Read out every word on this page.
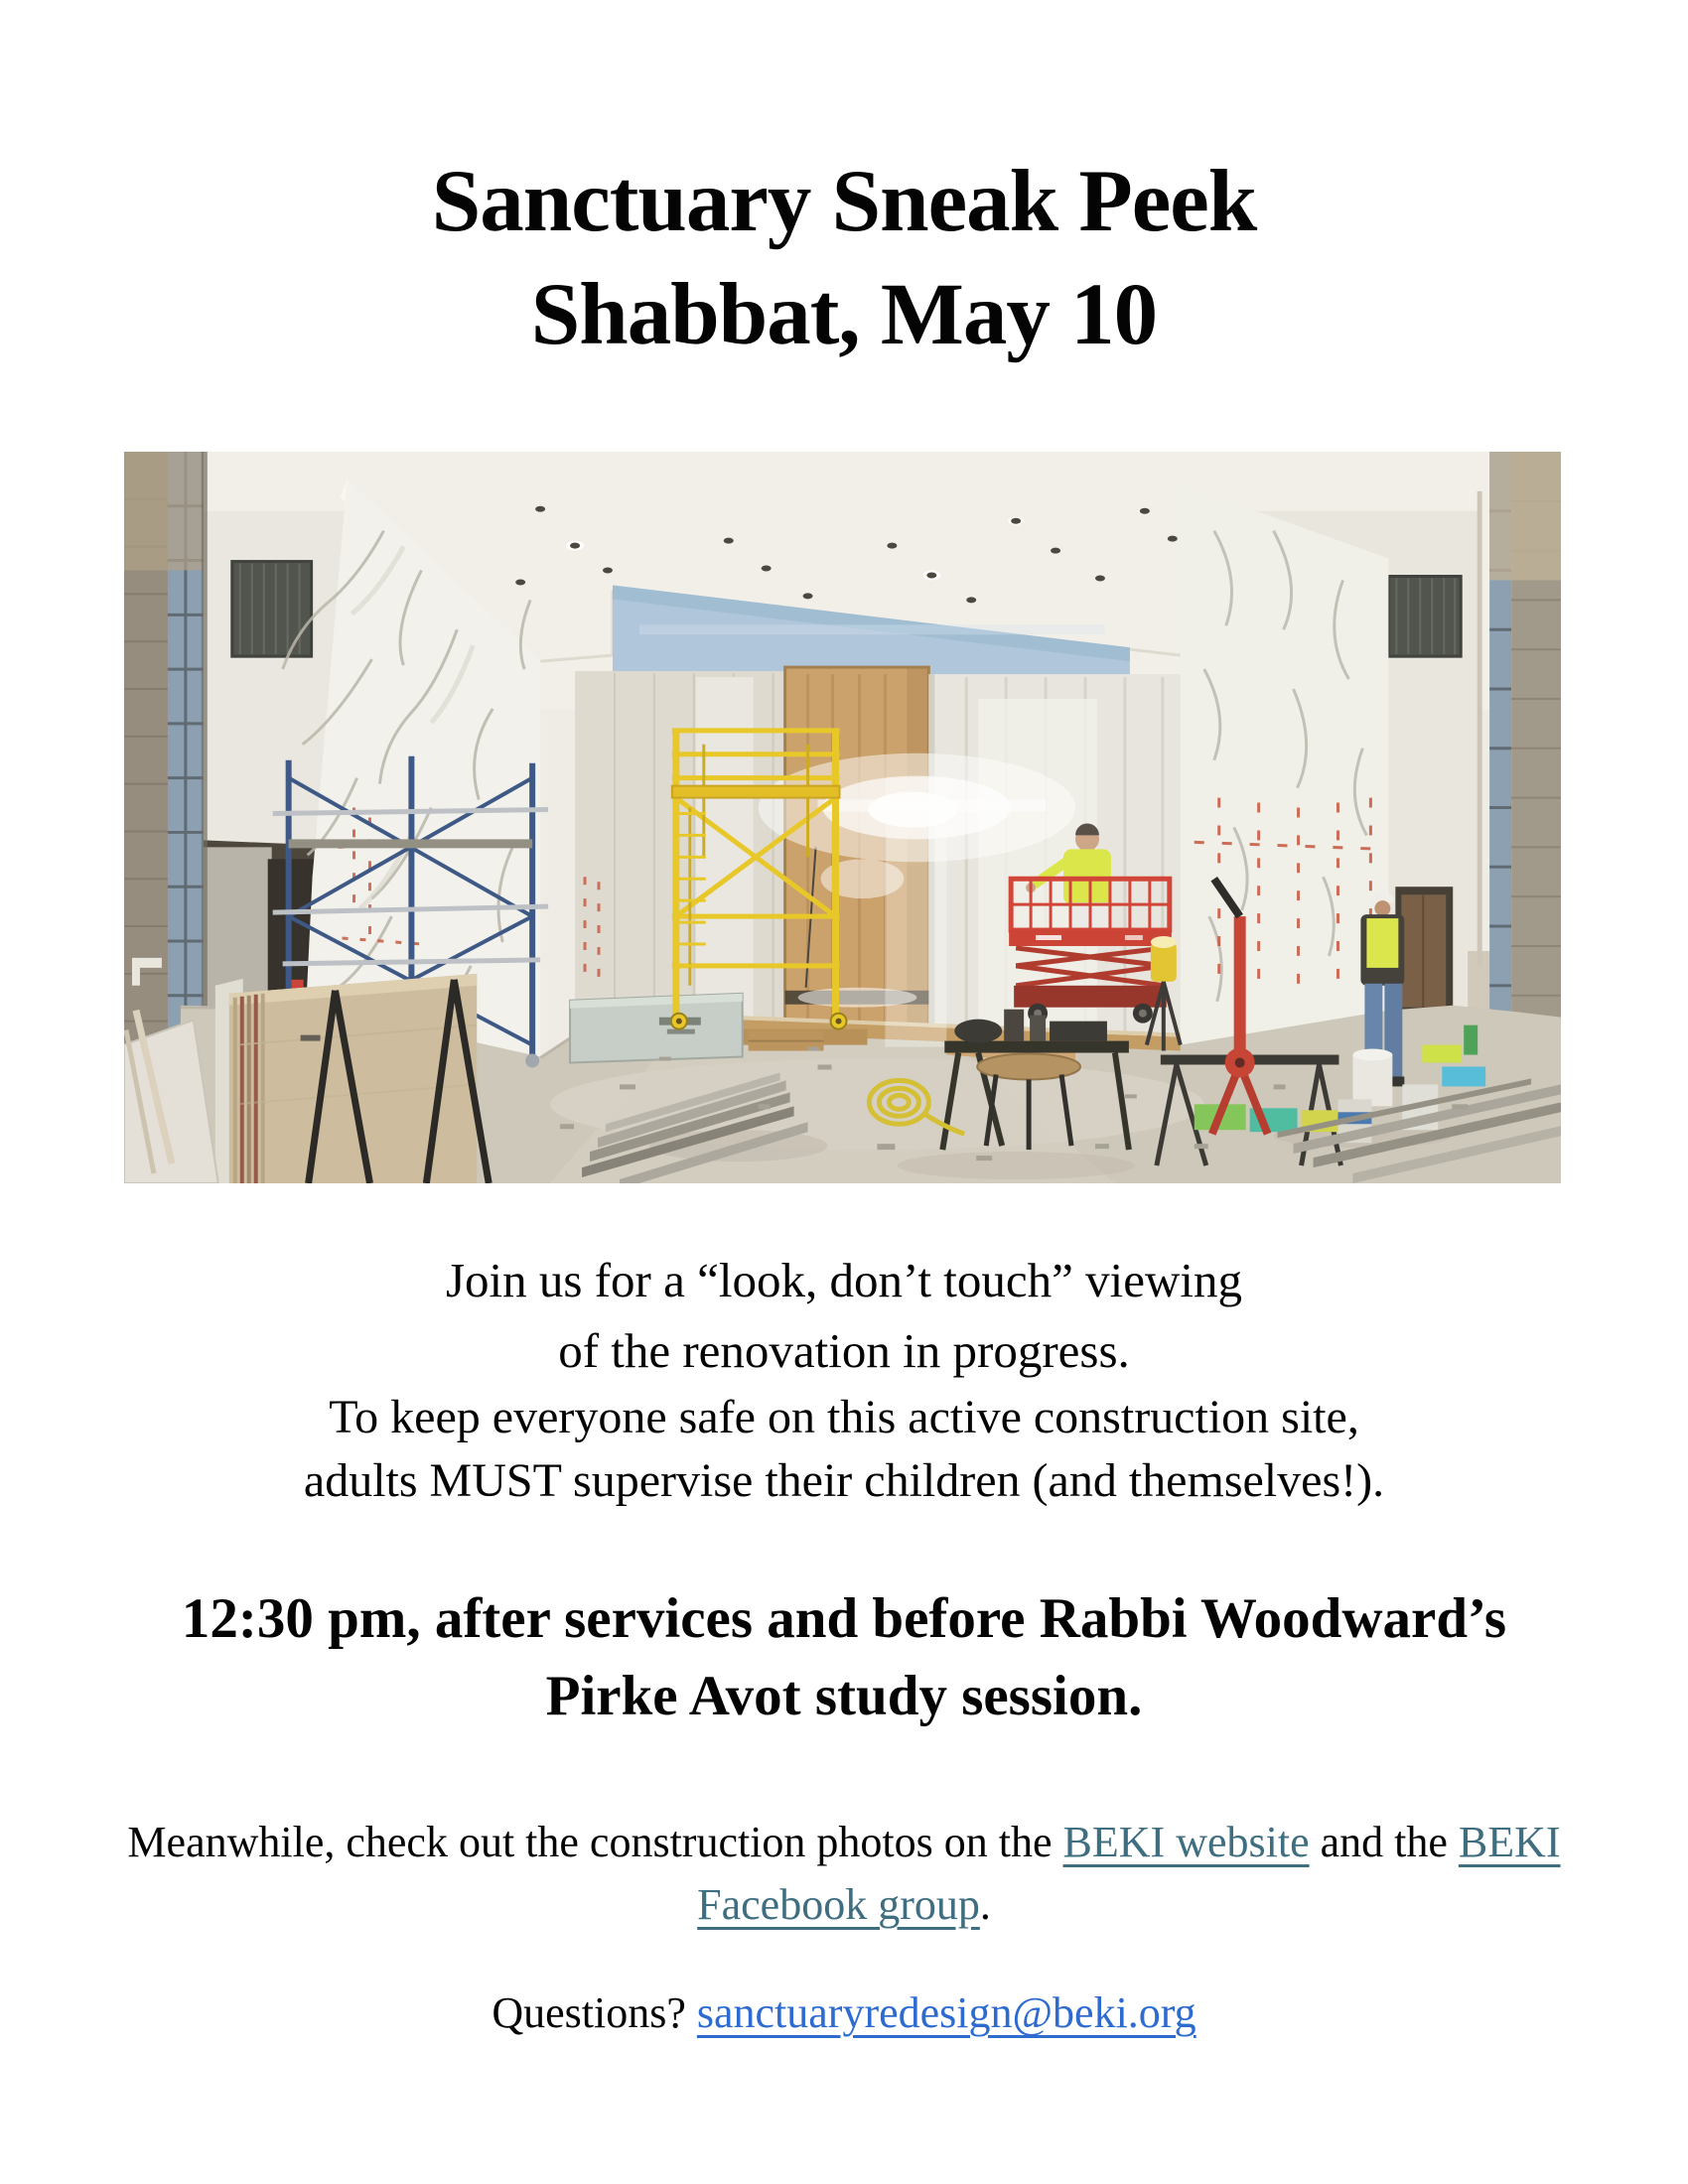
Sanctuary Sneak Peek
Shabbat, May 10
Join us for a “look, don’t touch” viewing
of the renovation in progress.
To keep everyone safe on this active construction site,
adults MUST supervise their children (and themselves!).
12:30 pm, after services and before Rabbi Woodward’s
Pirke Avot study session.
Meanwhile, check out the construction photos on the BEKI website and the BEKI
Facebook group.
Questions? sanctuaryredesign@beki.org
